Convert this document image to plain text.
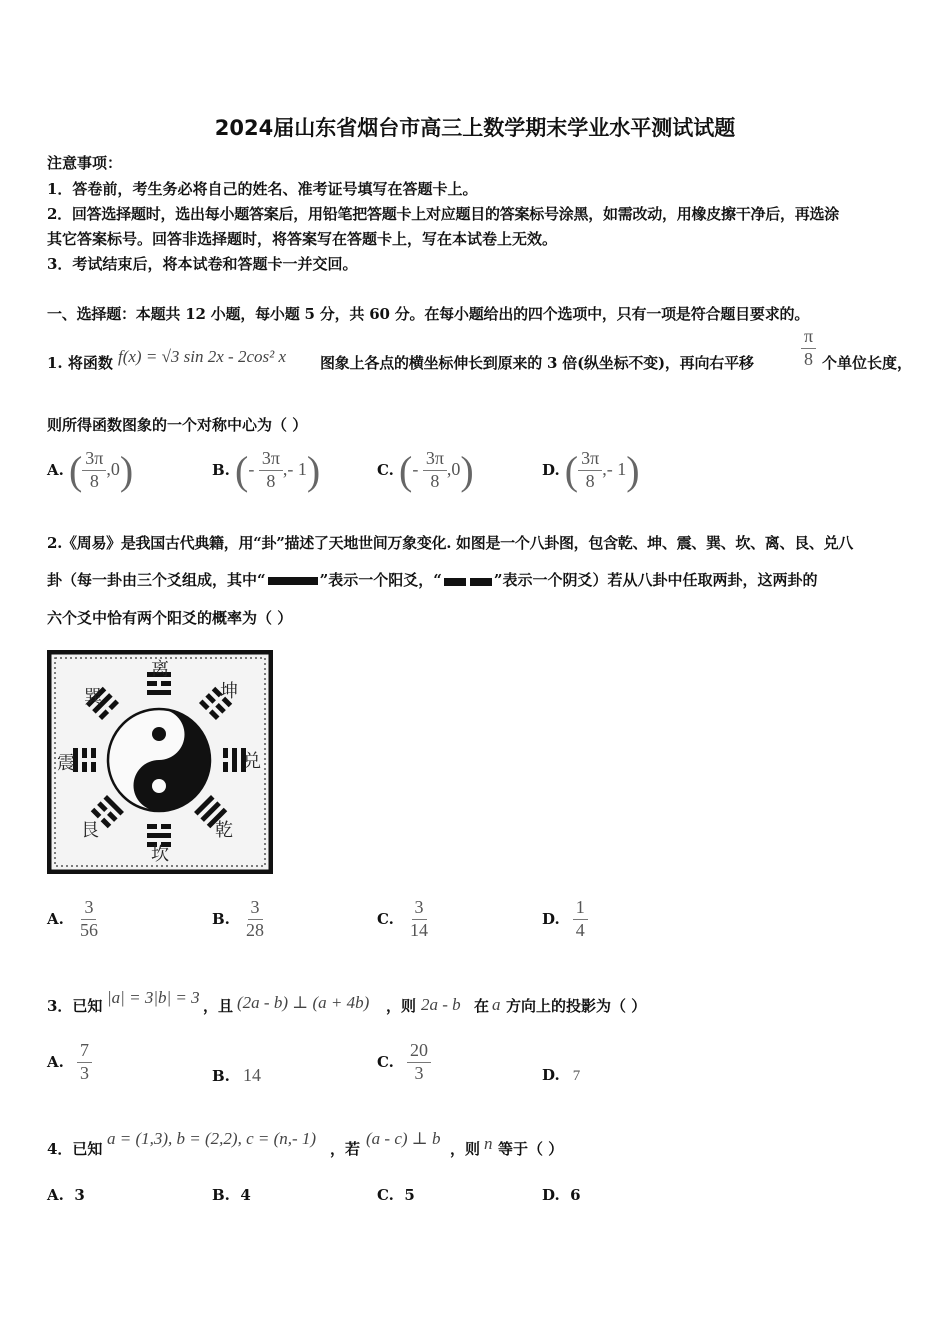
2024届山东省烟台市高三上数学期末学业水平测试试题
注意事项：
1．答卷前，考生务必将自己的姓名、准考证号填写在答题卡上。
2．回答选择题时，选出每小题答案后，用铅笔把答题卡上对应题目的答案标号涂黑，如需改动，用橡皮擦干净后，再选涂
其它答案标号。回答非选择题时，将答案写在答题卡上，写在本试卷上无效。
3．考试结束后，将本试卷和答题卡一并交回。
一、选择题：本题共 12 小题，每小题 5 分，共 60 分。在每小题给出的四个选项中，只有一项是符合题目要求的。
1. 将函数 f(x) = √3 sin 2x - 2cos² x 图象上各点的横坐标伸长到原来的 3 倍(纵坐标不变)，再向右平移	$\frac{\pi}{8}$ 个单位长度，
则所得函数图象的一个对称中心为（ ）
A. ( $\frac{3\pi}{8} ,0$)	B. (- $\frac{3\pi}{8}$ ,- 1)	C. (- $\frac{3\pi}{8} ,0$)	D. ( $\frac{3\pi}{8}$ ,- 1)
2.《周易》是我国古代典籍，用“卦”描述了天地世间万象变化. 如图是一个八卦图，包含乾、坤、震、巽、坎、离、艮、兑八
卦（每一卦由三个爻组成，其中“	”表示一个阳爻，“	”表示一个阴爻）若从八卦中任取两卦，这两卦的
六个爻中恰有两个阳爻的概率为（ ）
离
坤
兑
乾
坎
艮
震
巽
A. $\frac{3}{56}$	B. $\frac{3}{28}$	C. $\frac{3}{14}$	D. $\frac{1}{4}$
3．已知 |a| = 3|b| = 3 ，且 (2a - b) ⊥ (a + 4b) ，则 2a - b 在 a 方向上的投影为（ ）
A. $\frac{7}{3}$	B. 14
C. $\frac{20}{3}$	D. 7
4．已知
a = (1,3), b = (2,2), c = (n,- 1)
，若
(a - c) ⊥ b
，则 n 等于（ ）
A. 3	B. 4	C. 5	D. 6
